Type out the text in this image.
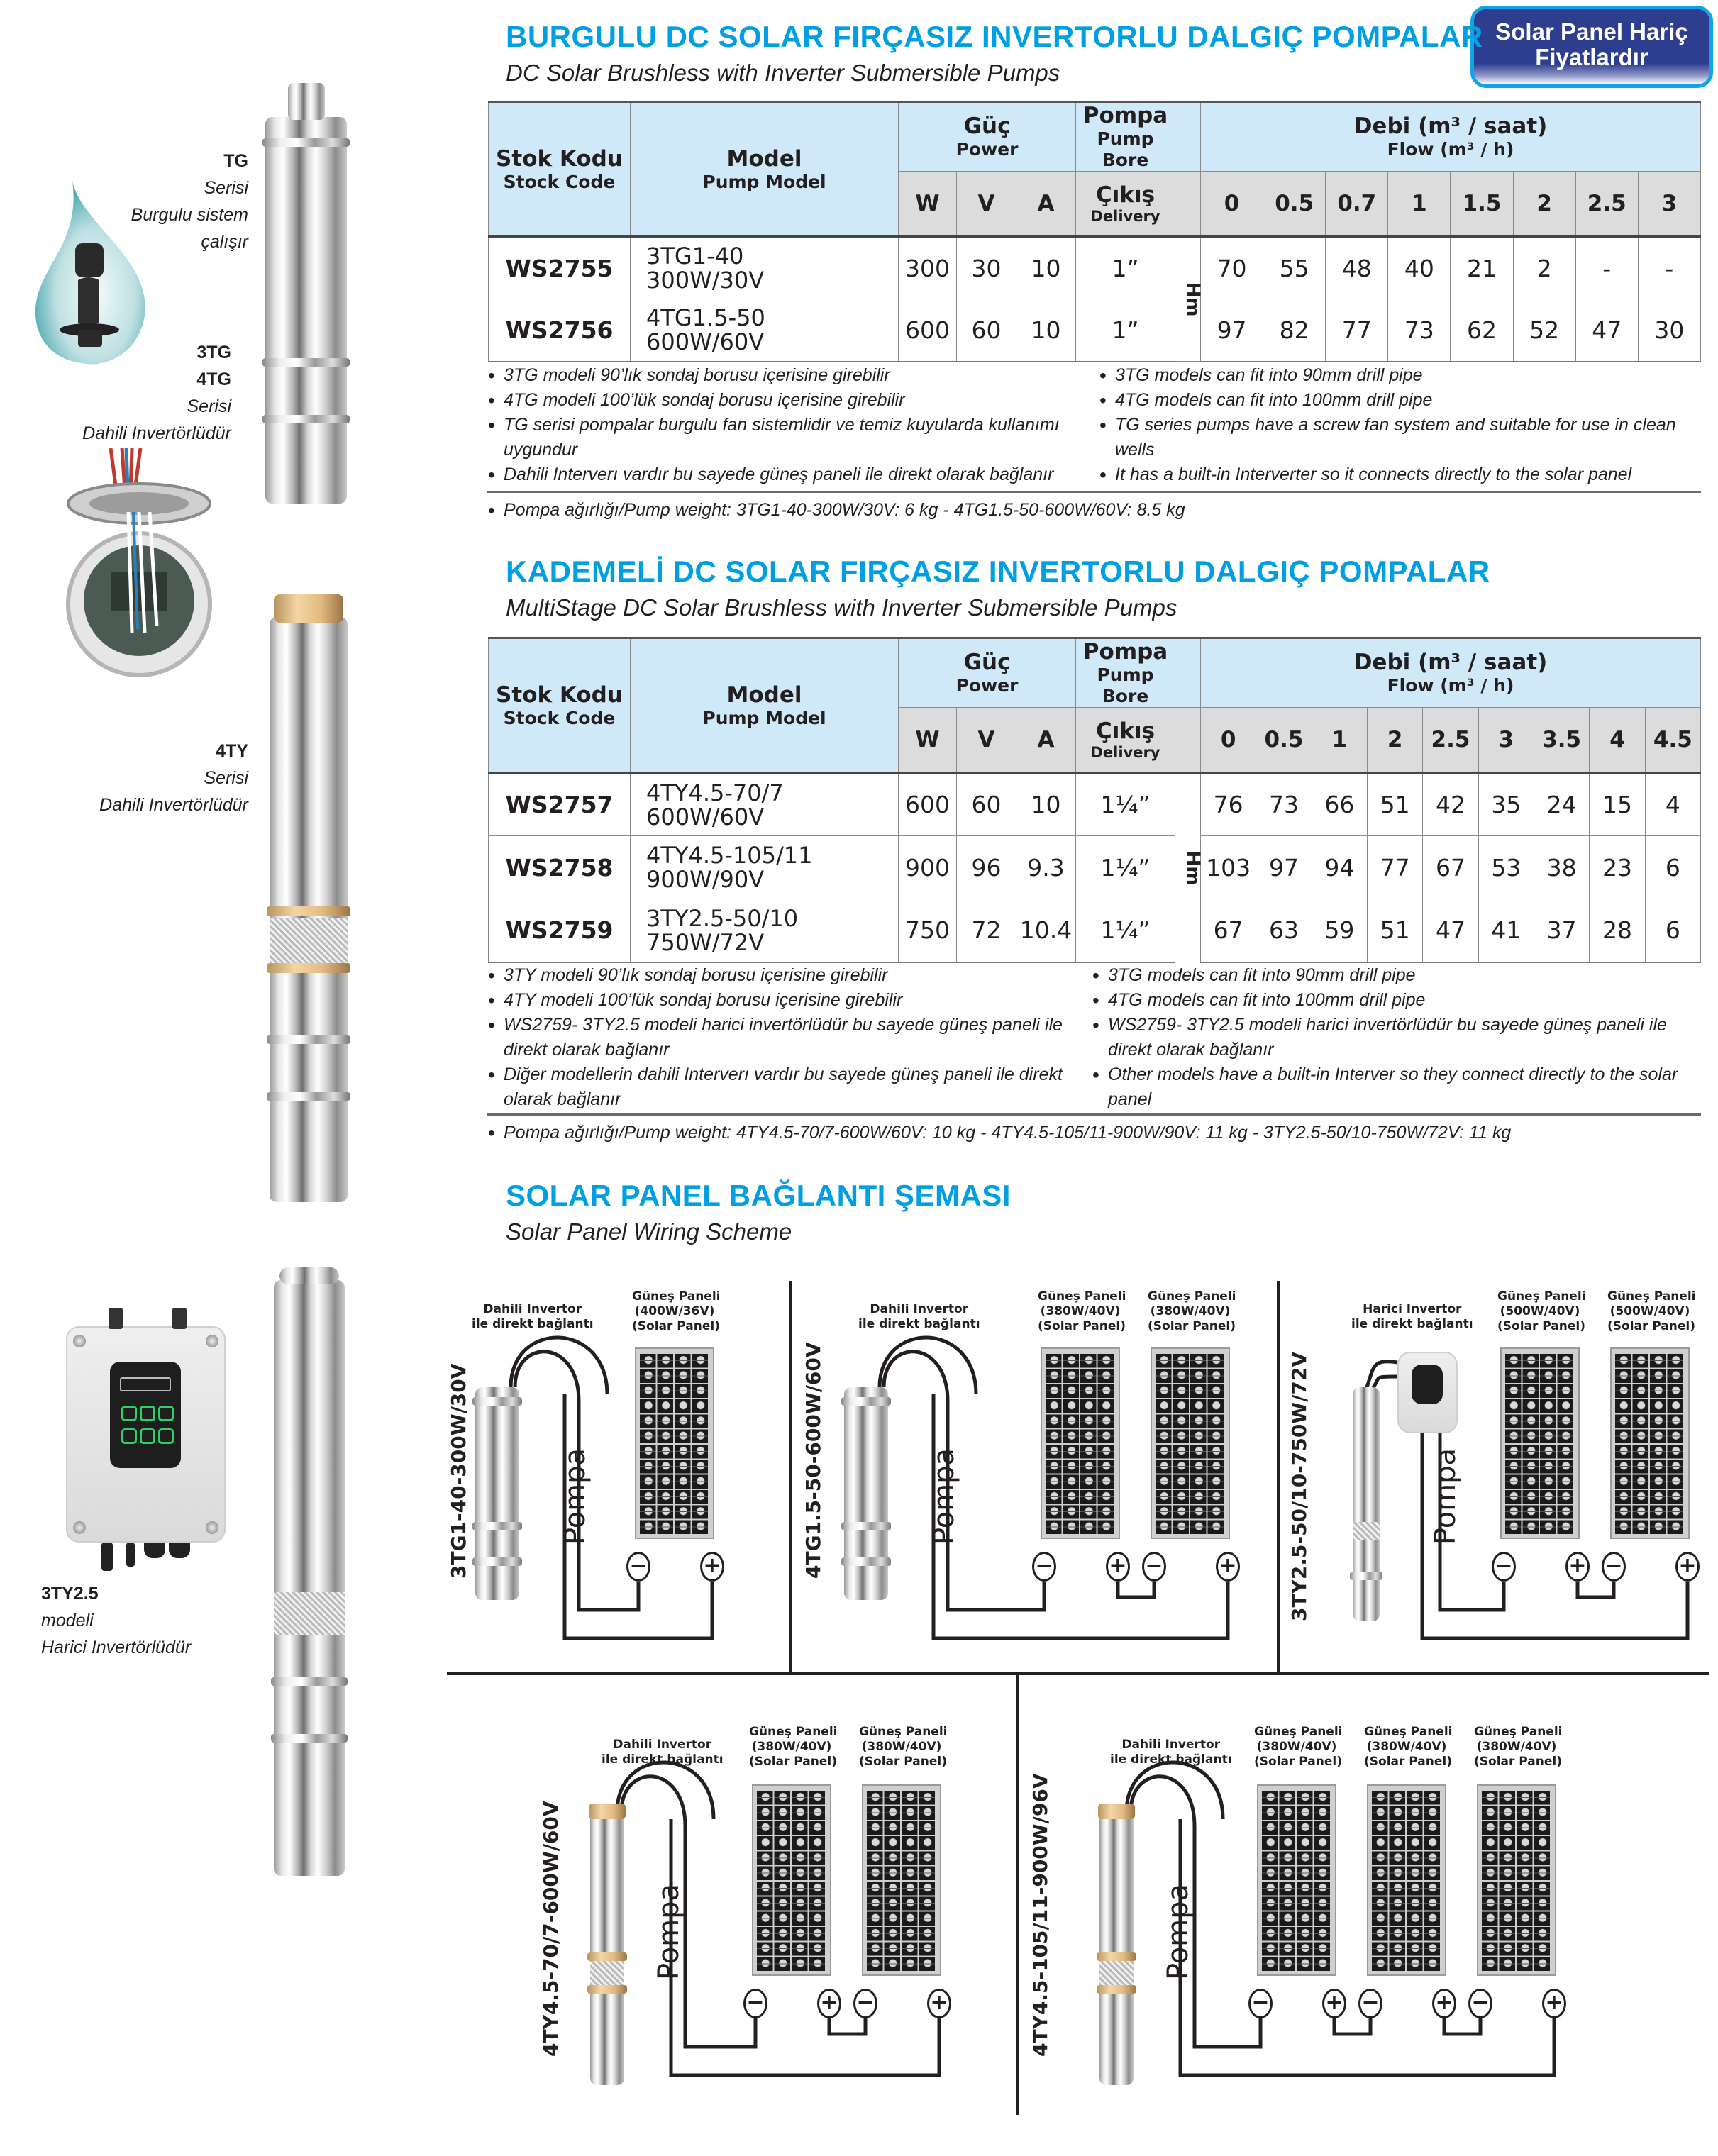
Solar Panel Hariç
Fiyatlardır
TG
Serisi
Burgulu sistem
çalışır
3TG
4TG
Serisi
Dahili Invertörlüdür
4TY
Serisi
Dahili Invertörlüdür
3TY2.5
modeli
Harici Invertörlüdür
BURGULU DC SOLAR FIRÇASIZ INVERTORLU DALGIÇ POMPALAR
DC Solar Brushless with Inverter Submersible Pumps
Stok Kodu
Stock Code	Model
Pump Model	Güç
Power			Pompa
Pump Bore		Debi (m³ / saat)
Flow (m³ / h)							

		W	V	A	Çıkış
Delivery		0	0.5	0.7	1	1.5	2	2.5	3
WS2755	3TG1-40
300W/30V	300	30	10	1”	Hm	70	55	48	40	21	2	-	-
WS2756	4TG1.5-50
600W/60V	600	60	10	1”		97	82	77	73	62	52	47	30
• 3TG modeli 90’lık sondaj borusu içerisine girebilir
• 4TG modeli 100’lük sondaj borusu içerisine girebilir
• TG serisi pompalar burgulu fan sistemlidir ve temiz kuyularda kullanımı uygundur
• Dahili Interverı vardır bu sayede güneş paneli ile direkt olarak bağlanır
• 3TG models can fit into 90mm drill pipe
• 4TG models can fit into 100mm drill pipe
• TG series pumps have a screw fan system and suitable for use in clean wells
• It has a built-in Interverter so it connects directly to the solar panel
• Pompa ağırlığı/Pump weight: 3TG1-40-300W/30V: 6 kg - 4TG1.5-50-600W/60V: 8.5 kg
KADEMELİ DC SOLAR FIRÇASIZ INVERTORLU DALGIÇ POMPALAR
MultiStage DC Solar Brushless with Inverter Submersible Pumps
Stok Kodu
Stock Code	Model
Pump Model	Güç
Power			Pompa
Pump Bore		Debi (m³ / saat)
Flow (m³ / h)								

		W	V	A	Çıkış
Delivery		0	0.5	1	2	2.5	3	3.5	4	4.5
WS2757	4TY4.5-70/7
600W/60V	600	60	10	1¼”	Hm	76	73	66	51	42	35	24	15	4
WS2758	4TY4.5-105/11
900W/90V	900	96	9.3	1¼”		103	97	94	77	67	53	38	23	6
WS2759	3TY2.5-50/10
750W/72V	750	72	10.4	1¼”		67	63	59	51	47	41	37	28	6
• 3TY modeli 90’lık sondaj borusu içerisine girebilir
• 4TY modeli 100’lük sondaj borusu içerisine girebilir
• WS2759- 3TY2.5 modeli harici invertörlüdür bu sayede güneş paneli ile direkt olarak bağlanır
• Diğer modellerin dahili Interverı vardır bu sayede güneş paneli ile direkt olarak bağlanır
• 3TG models can fit into 90mm drill pipe
• 4TG models can fit into 100mm drill pipe
• WS2759- 3TY2.5 modeli harici invertörlüdür bu sayede güneş paneli ile direkt olarak bağlanır
• Other models have a built-in Interver so they connect directly to the solar panel
• Pompa ağırlığı/Pump weight: 4TY4.5-70/7-600W/60V: 10 kg - 4TY4.5-105/11-900W/90V: 11 kg - 3TY2.5-50/10-750W/72V: 11 kg
SOLAR PANEL BAĞLANTI ŞEMASI
Solar Panel Wiring Scheme
Dahili Invertor
ile direkt bağlantı
3TG1-40-300W/30V	Pompa
Güneş Paneli
(400W/36V)
(Solar Panel)
−	+
Dahili Invertor
ile direkt bağlantı
4TG1.5-50-600W/60V	Pompa
Güneş Paneli
(380W/40V)
(Solar Panel)
−	+
Güneş Paneli
(380W/40V)
(Solar Panel)
−	+
Harici Invertor
ile direkt bağlantı
3TY2.5-50/10-750W/72V	Pompa
Güneş Paneli
(500W/40V)
(Solar Panel)
−	+
Güneş Paneli
(500W/40V)
(Solar Panel)
−	+
Dahili Invertor
ile direkt bağlantı
4TY4.5-70/7-600W/60V	Pompa
Güneş Paneli
(380W/40V)
(Solar Panel)
−	+
Güneş Paneli
(380W/40V)
(Solar Panel)
−	+
Dahili Invertor
ile direkt bağlantı
4TY4.5-105/11-900W/96V	Pompa
Güneş Paneli
(380W/40V)
(Solar Panel)
−	+
Güneş Paneli
(380W/40V)
(Solar Panel)
−	+
Güneş Paneli
(380W/40V)
(Solar Panel)
−	+
